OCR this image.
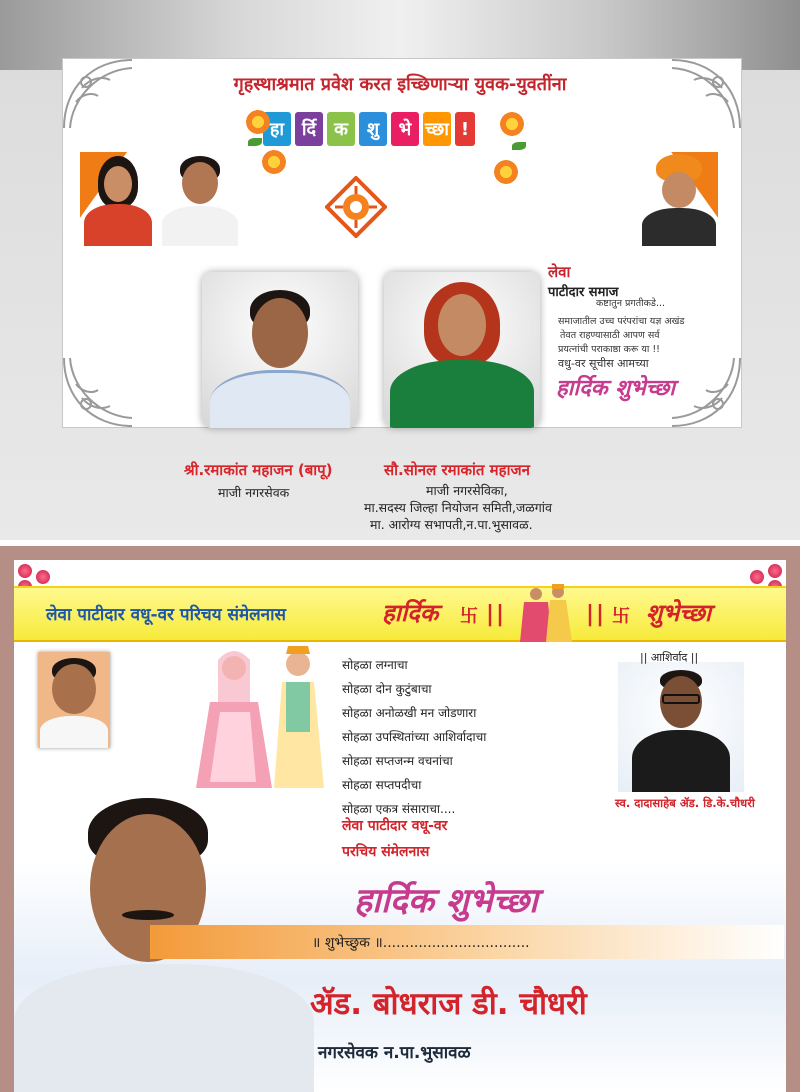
गृहस्थाश्रमात प्रवेश करत इच्छिणाऱ्या युवक-युवतींना
हा र्दि क	शु	भे च्छा !
श्री.रमाकांत महाजन (बापू)
माजी नगरसेवक
सौ.सोनल रमाकांत महाजन
माजी नगरसेविका,
मा.सदस्य जिल्हा नियोजन समिती,जळगांव
मा. आरोग्य सभापती,न.पा.भुसावळ.
लेवा
पाटीदार समाज
कष्टातुन प्रगतीकडे...
समाजातील उच्च परंपरांचा यज्ञ अखंड
तेवत राहण्यासाठी आपण सर्व
प्रयत्नांची पराकाष्ठा करू या !!
वधु-वर सूचीस आमच्या
हार्दिक शुभेच्छा
लेवा पाटीदार वधू-वर परिचय संमेलनास	हार्दिक 卐 ||	|| 卐 शुभेच्छा
|| आशिर्वाद ||
स्व. दादासाहेब ॲड. डि.के.चौधरी
सोहळा लग्नाचा
सोहळा दोन कुटुंबाचा
सोहळा अनोळखी मन जोडणारा
सोहळा उपस्थितांच्या आशिर्वादाचा
सोहळा सप्तजन्म वचनांचा
सोहळा सप्तपदीचा
सोहळा एकत्र संसाराचा....
लेवा पाटीदार वधू-वर
परचिय संमेलनास
हार्दिक शुभेच्छा
॥ शुभेच्छुक ॥.................................
ॲड. बोधराज डी. चौधरी
नगरसेवक न.पा.भुसावळ
